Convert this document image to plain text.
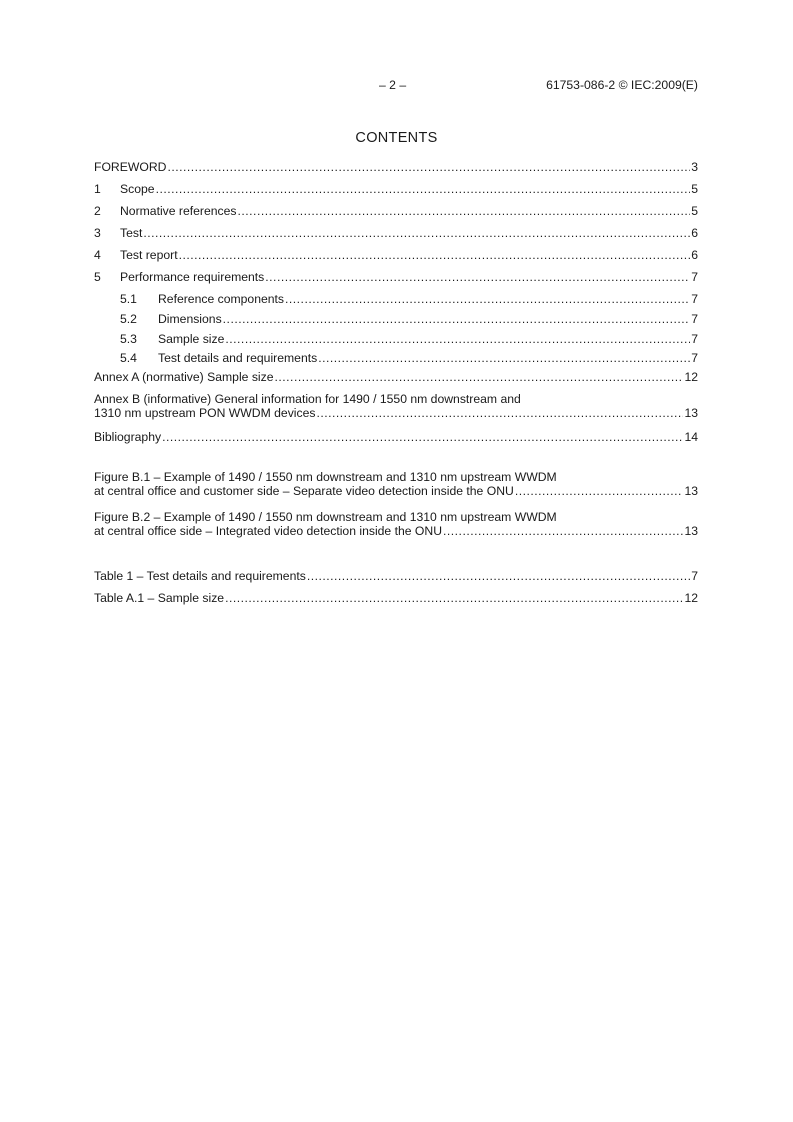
– 2 –	61753-086-2 © IEC:2009(E)
CONTENTS
FOREWORD .....	3
1	Scope .....	5
2	Normative references .....	5
3	Test .....	6
4	Test report .....	6
5	Performance requirements .....	7
5.1	Reference components .....	7
5.2	Dimensions .....	7
5.3	Sample size .....	7
5.4	Test details and requirements .....	7
Annex A (normative) Sample size .....	12
Annex B (informative) General information for 1490 / 1550 nm downstream and
1310 nm upstream PON WWDM devices .....	13
Bibliography .....	14
Figure B.1 – Example of 1490 / 1550 nm downstream and 1310 nm upstream WWDM
at central office and customer side – Separate video detection inside the ONU .....	13
Figure B.2 – Example of 1490 / 1550 nm downstream and 1310 nm upstream WWDM
at central office side – Integrated video detection inside the ONU .....	13
Table 1 – Test details and requirements .....	7
Table A.1 – Sample size .....	12
